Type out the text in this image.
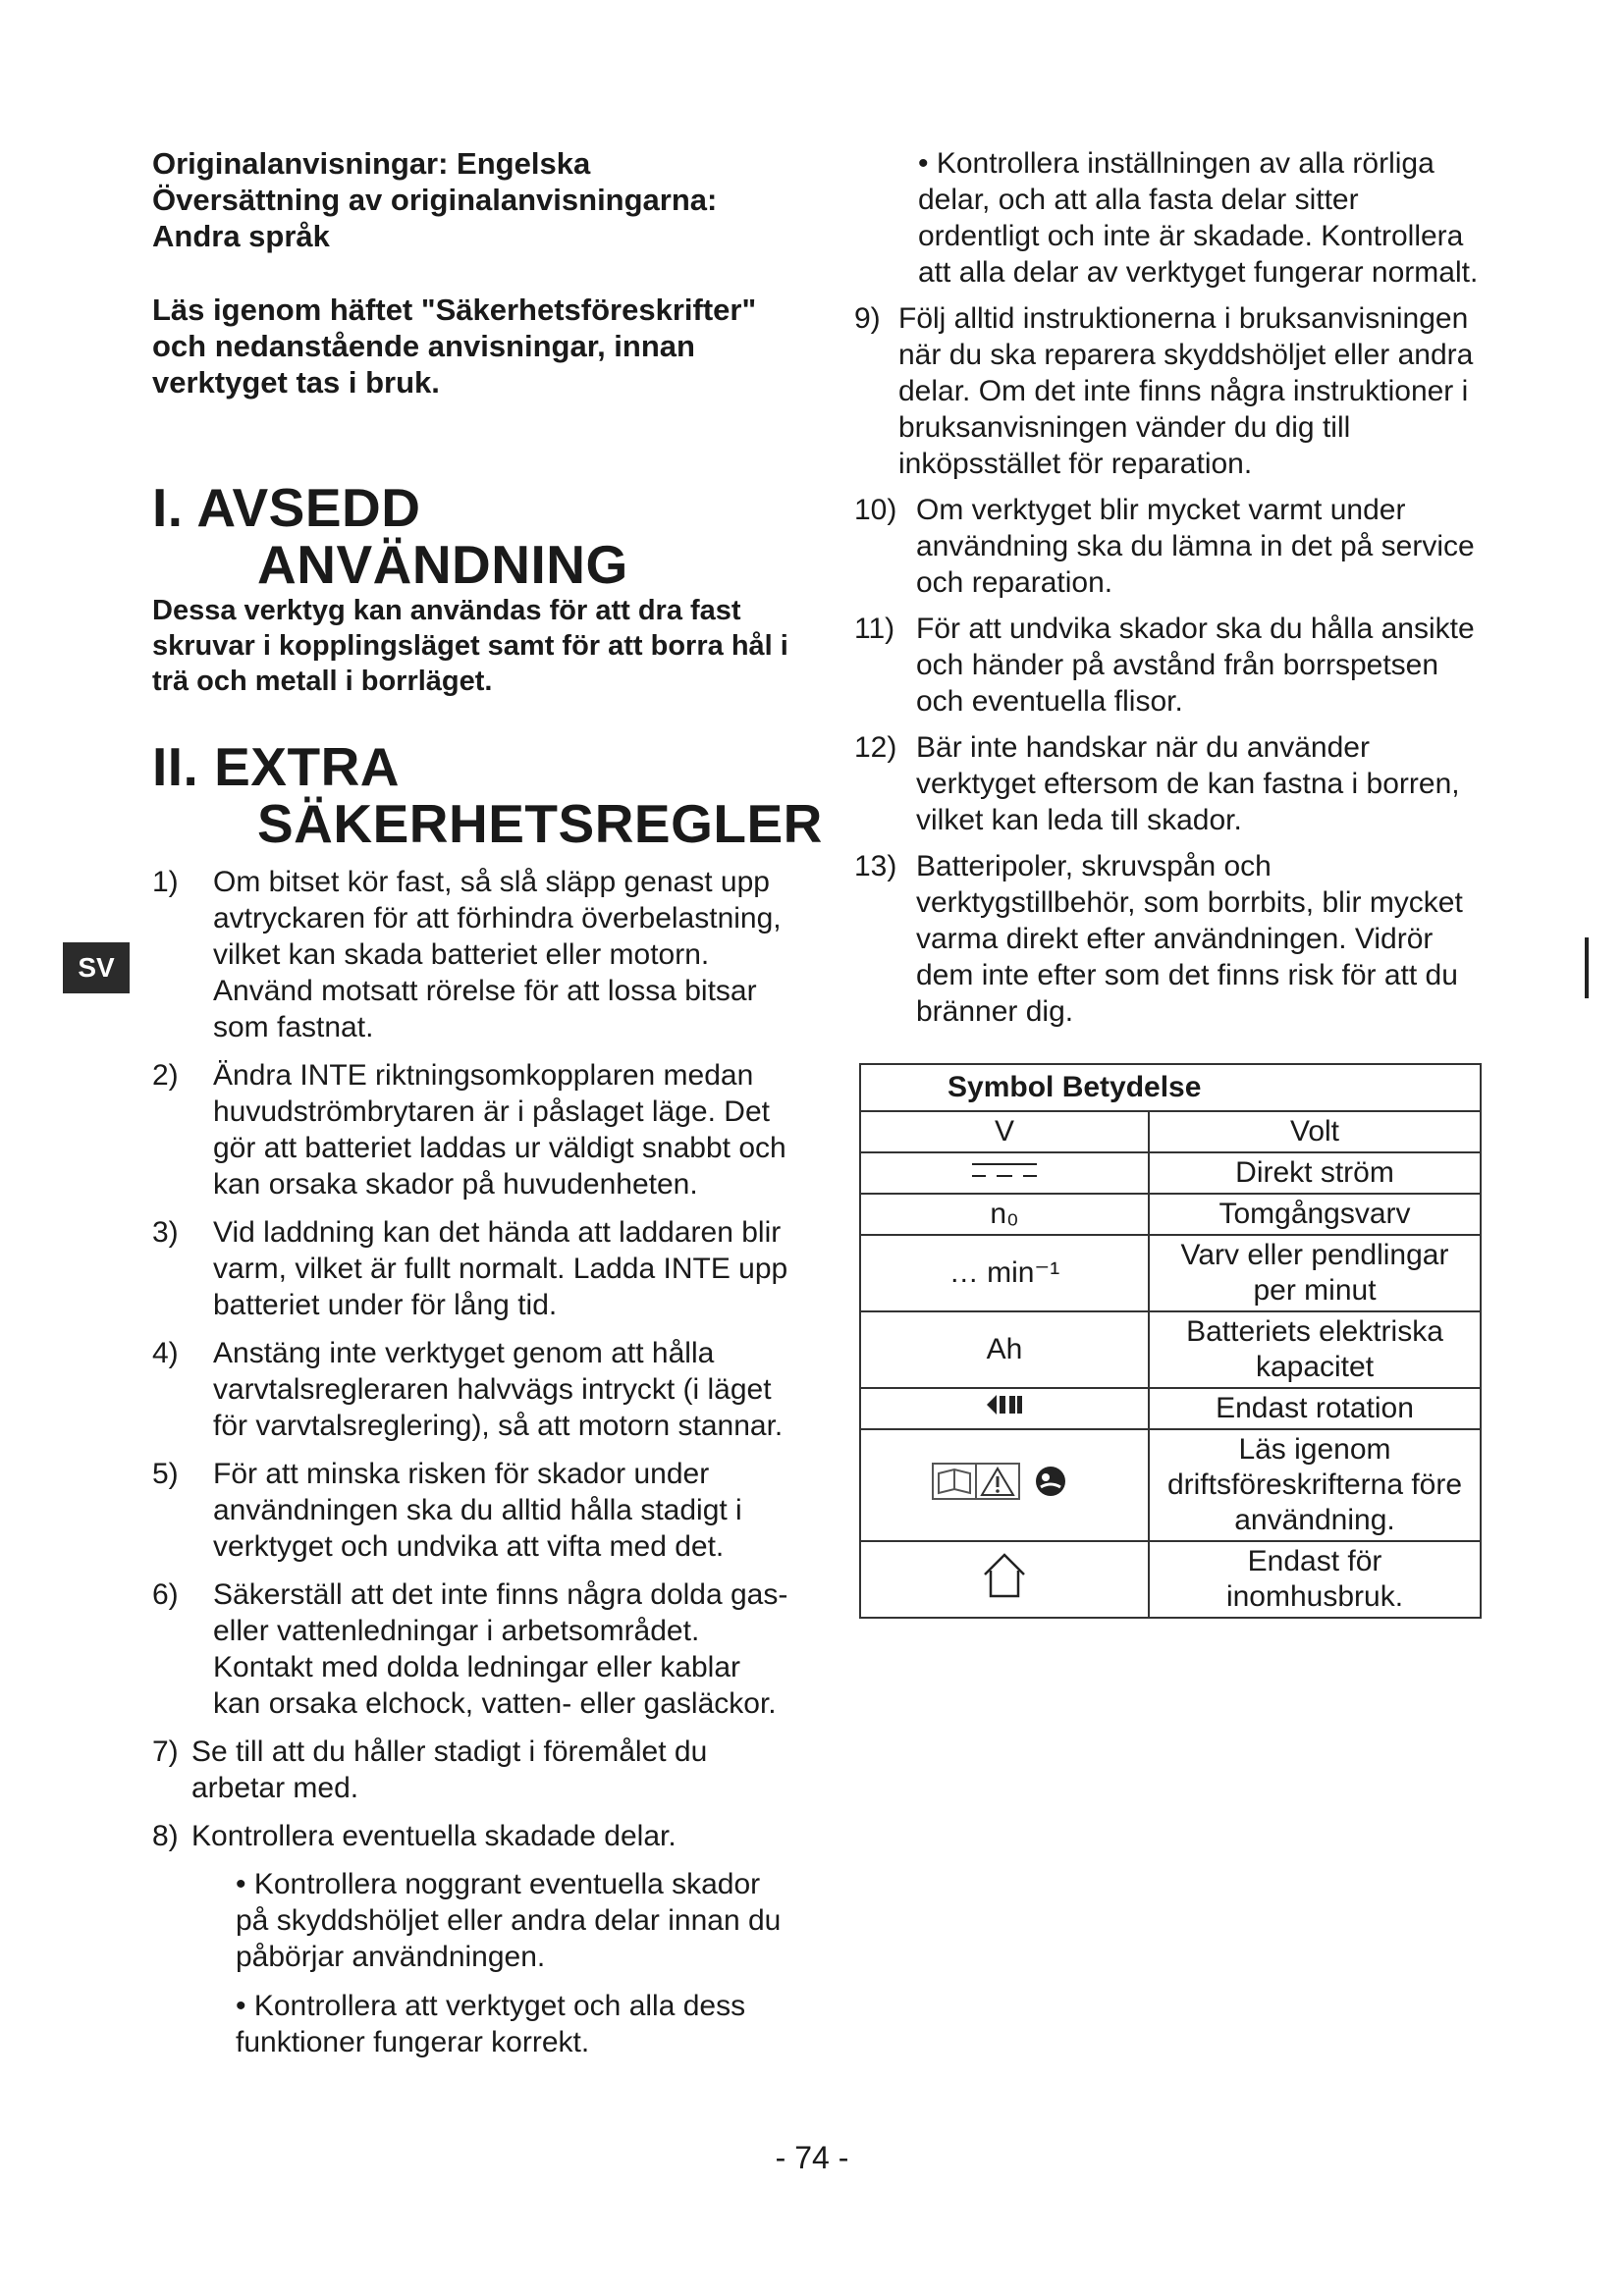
SV

Originalanvisningar: Engelska

Översättning av originalanvisningarna:

Andra språk

Läs igenom häftet "Säkerhetsföreskrifter" och nedanstående anvisningar, innan verktyget tas i bruk.

I. AVSEDD
ANVÄNDNING

Dessa verktyg kan användas för att dra fast skruvar i kopplingsläget samt för att borra hål i trä och metall i borrläget.

II. EXTRA
SÄKERHETSREGLER
1) Om bitset kör fast, så slå släpp genast upp avtryckaren för att förhindra överbelastning, vilket kan skada batteriet eller motorn. Använd motsatt rörelse för att lossa bitsar som fastnat.
2) Ändra INTE riktningsomkopplaren medan huvudströmbrytaren är i påslaget läge. Det gör att batteriet laddas ur väldigt snabbt och kan orsaka skador på huvudenheten.
3) Vid laddning kan det hända att laddaren blir varm, vilket är fullt normalt. Ladda INTE upp batteriet under för lång tid.
4) Anstäng inte verktyget genom att hålla varvtalsregleraren halvvägs intryckt (i läget för varvtalsreglering), så att motorn stannar.
5) För att minska risken för skador under användningen ska du alltid hålla stadigt i verktyget och undvika att vifta med det.
6) Säkerställ att det inte finns några dolda gas- eller vattenledningar i arbetsområdet. Kontakt med dolda ledningar eller kablar kan orsaka elchock, vatten- eller gasläckor.
7) Se till att du håller stadigt i föremålet du arbetar med.
8) Kontrollera eventuella skadade delar.

• Kontrollera noggrant eventuella skador på skyddshöljet eller andra delar innan du påbörjar användningen.

• Kontrollera att verktyget och alla dess funktioner fungerar korrekt.

• Kontrollera inställningen av alla rörliga delar, och att alla fasta delar sitter ordentligt och inte är skadade. Kontrollera att alla delar av verktyget fungerar normalt.

9) Följ alltid instruktionerna i bruksanvisningen när du ska reparera skyddshöljet eller andra delar. Om det inte finns några instruktioner i bruksanvisningen vänder du dig till inköpsstället för reparation.
10) Om verktyget blir mycket varmt under användning ska du lämna in det på service och reparation.
11) För att undvika skador ska du hålla ansikte och händer på avstånd från borrspetsen och eventuella flisor.
12) Bär inte handskar när du använder verktyget eftersom de kan fastna i borren, vilket kan leda till skador.
13) Batteripoler, skruvspån och verktygstillbehör, som borrbits, blir mycket varma direkt efter användningen. Vidrör dem inte efter som det finns risk för att du bränner dig.
Symbol Betydelse	
V	Volt
	Direkt ström
n₀	Tomgångsvarv
… min⁻¹	Varv eller pendlingar per minut
Ah	Batteriets elektriska kapacitet
	Endast rotation
	Läs igenom driftsföreskrifterna före användning.
	Endast för inomhusbruk.
- 74 -
